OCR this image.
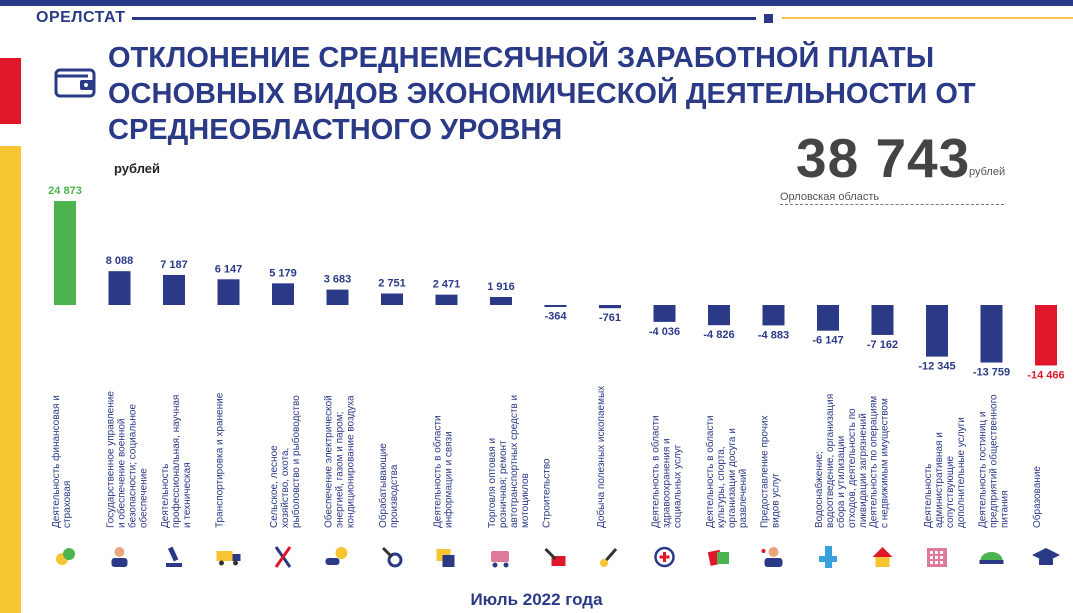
ОРЕЛСТАТ
ОТКЛОНЕНИЕ СРЕДНЕМЕСЯЧНОЙ ЗАРАБОТНОЙ ПЛАТЫ ОСНОВНЫХ ВИДОВ ЭКОНОМИЧЕСКОЙ ДЕЯТЕЛЬНОСТИ ОТ СРЕДНЕОБЛАСТНОГО УРОВНЯ
рублей	38 743
рублей
Орловская область
24 873
Деятельность финансовая истраховая
8 088
Государственное управлениеи обеспечение военнойбезопасности; социальноеобеспечение
7 187
Деятельностьпрофессиональная, научнаяи техническая
6 147
Транспортировка и хранение
5 179
Сельское, лесноехозяйство, охота,рыболовство и рыбоводство
3 683
Обеспечение электрическойэнергией, газом и паром;кондиционирование воздуха
2 751
Обрабатывающиепроизводства
2 471
Деятельность в областиинформации и связи
1 916
Торговля оптовая ирозничная; ремонтавтотранспортных средств имотоциклов
-364
Строительство
-761
Добыча полезных ископаемых
-4 036
Деятельность в областиздравоохранения исоциальных услуг
-4 826
Деятельность в областикультуры, спорта,организации досуга иразвлечений
-4 883
Предоставление прочихвидов услуг
-6 147
Водоснабжение;водоотведение, организациясбора и утилизацииотходов, деятельность поликвидации загрязнений
-7 162
Деятельность по операциямс недвижимым имуществом
-12 345
Деятельностьадминистративная исопутствующиедополнительные услуги
-13 759
Деятельность гостиниц ипредприятий общественногопитания
-14 466
Образование
Июль 2022 года
